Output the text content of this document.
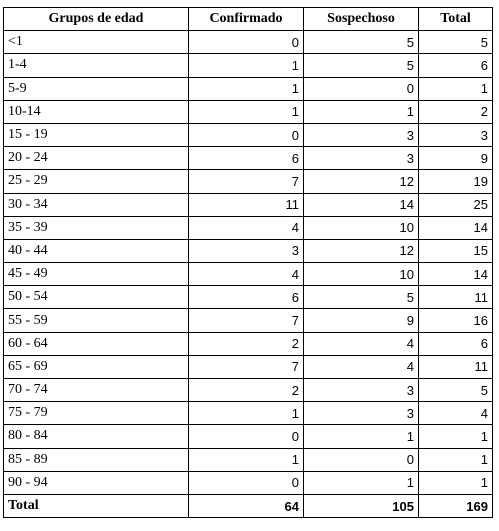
Grupos de edad	Confirmado	Sospechoso	Total
<1	0	5	5
1-4	1	5	6
5-9	1	0	1
10-14	1	1	2
15 - 19	0	3	3
20 - 24	6	3	9
25 - 29	7	12	19
30 - 34	11	14	25
35 - 39	4	10	14
40 - 44	3	12	15
45 - 49	4	10	14
50 - 54	6	5	11
55 - 59	7	9	16
60 - 64	2	4	6
65 - 69	7	4	11
70 - 74	2	3	5
75 - 79	1	3	4
80 - 84	0	1	1
85 - 89	1	0	1
90 - 94	0	1	1
Total	64	105	169
